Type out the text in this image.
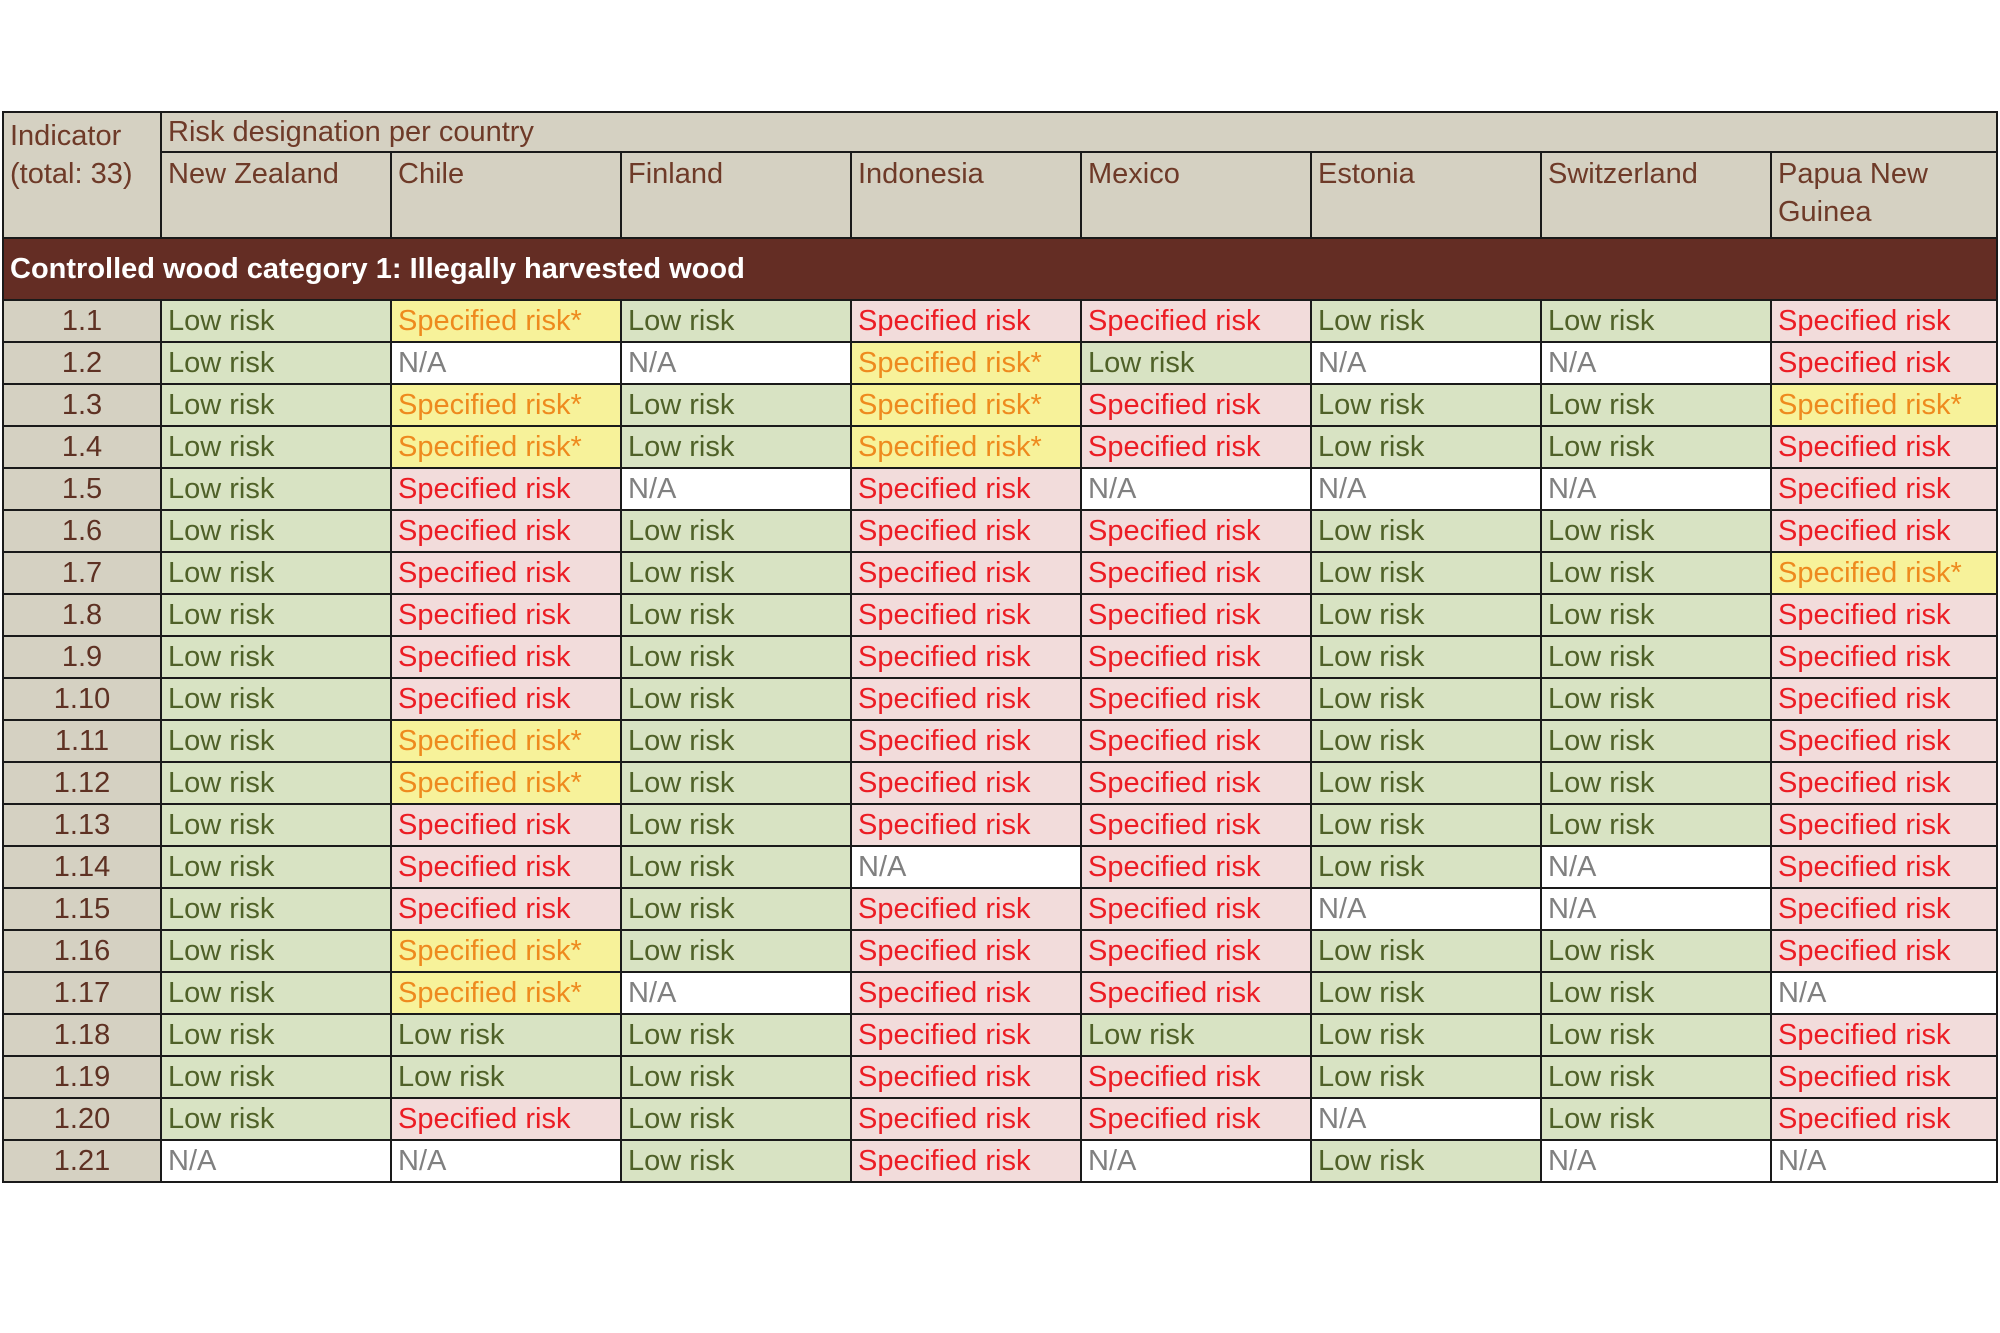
Indicator (total: 33)	Risk designation per country							
	New Zealand	Chile	Finland	Indonesia	Mexico	Estonia	Switzerland	Papua New Guinea
Controlled wood category 1: Illegally harvested wood								
1.1	Low risk	Specified risk*	Low risk	Specified risk	Specified risk	Low risk	Low risk	Specified risk
1.2	Low risk	N/A	N/A	Specified risk*	Low risk	N/A	N/A	Specified risk
1.3	Low risk	Specified risk*	Low risk	Specified risk*	Specified risk	Low risk	Low risk	Specified risk*
1.4	Low risk	Specified risk*	Low risk	Specified risk*	Specified risk	Low risk	Low risk	Specified risk
1.5	Low risk	Specified risk	N/A	Specified risk	N/A	N/A	N/A	Specified risk
1.6	Low risk	Specified risk	Low risk	Specified risk	Specified risk	Low risk	Low risk	Specified risk
1.7	Low risk	Specified risk	Low risk	Specified risk	Specified risk	Low risk	Low risk	Specified risk*
1.8	Low risk	Specified risk	Low risk	Specified risk	Specified risk	Low risk	Low risk	Specified risk
1.9	Low risk	Specified risk	Low risk	Specified risk	Specified risk	Low risk	Low risk	Specified risk
1.10	Low risk	Specified risk	Low risk	Specified risk	Specified risk	Low risk	Low risk	Specified risk
1.11	Low risk	Specified risk*	Low risk	Specified risk	Specified risk	Low risk	Low risk	Specified risk
1.12	Low risk	Specified risk*	Low risk	Specified risk	Specified risk	Low risk	Low risk	Specified risk
1.13	Low risk	Specified risk	Low risk	Specified risk	Specified risk	Low risk	Low risk	Specified risk
1.14	Low risk	Specified risk	Low risk	N/A	Specified risk	Low risk	N/A	Specified risk
1.15	Low risk	Specified risk	Low risk	Specified risk	Specified risk	N/A	N/A	Specified risk
1.16	Low risk	Specified risk*	Low risk	Specified risk	Specified risk	Low risk	Low risk	Specified risk
1.17	Low risk	Specified risk*	N/A	Specified risk	Specified risk	Low risk	Low risk	N/A
1.18	Low risk	Low risk	Low risk	Specified risk	Low risk	Low risk	Low risk	Specified risk
1.19	Low risk	Low risk	Low risk	Specified risk	Specified risk	Low risk	Low risk	Specified risk
1.20	Low risk	Specified risk	Low risk	Specified risk	Specified risk	N/A	Low risk	Specified risk
1.21	N/A	N/A	Low risk	Specified risk	N/A	Low risk	N/A	N/A
